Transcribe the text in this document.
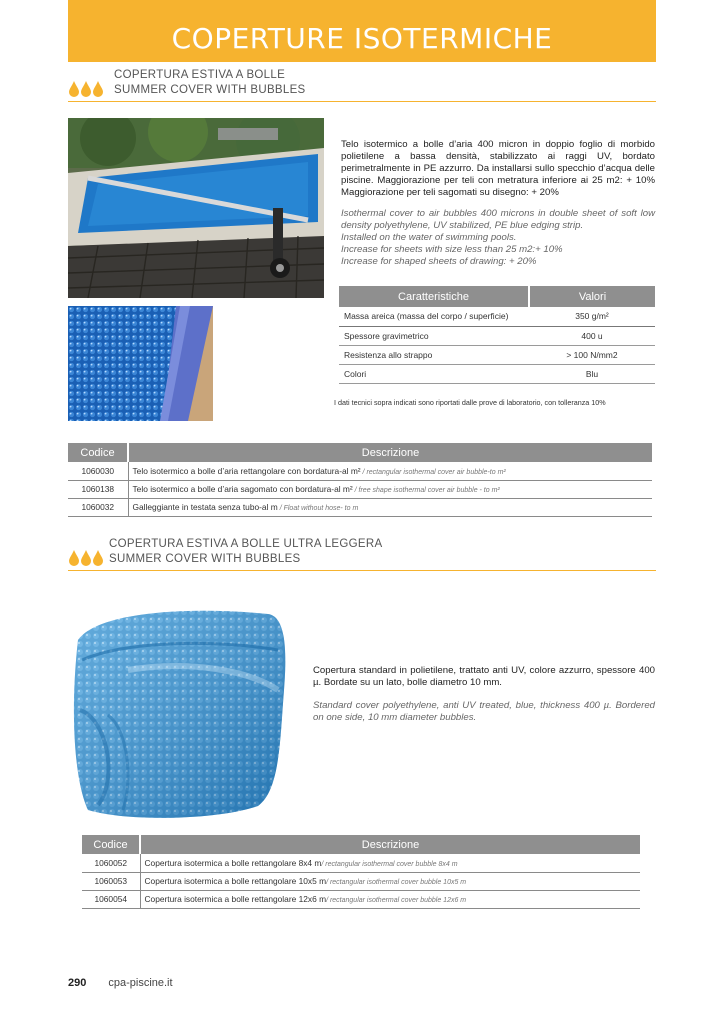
COPERTURE ISOTERMICHE
COPERTURA ESTIVA A BOLLE
SUMMER COVER WITH BUBBLES
Telo isotermico a bolle d’aria 400 micron in doppio foglio di morbido polietilene a bassa densità, stabilizzato ai raggi UV, bordato perimetralmente in PE azzurro. Da installarsi sullo specchio d’acqua delle piscine. Maggiorazione per teli con metratura inferiore ai 25 m2: + 10% Maggiorazione per teli sagomati su disegno: + 20%
Isothermal cover to air bubbles 400 microns in double sheet of soft low density polyethylene, UV stabilized, PE blue edging strip.
Installed on the water of swimming pools.
Increase for sheets with size less than 25 m2:+ 10%
Increase for shaped sheets of drawing: + 20%
Caratteristiche	Valori
Massa areica (massa del corpo / superficie)	350 g/m²
Spessore gravimetrico	400 u
Resistenza allo strappo	> 100 N/mm2
Colori	Blu
I dati tecnici sopra indicati sono riportati dalle prove di laboratorio, con tolleranza 10%
Codice	Descrizione
1060030	Telo isotermico a bolle d’aria rettangolare con bordatura-al m² / rectangular isothermal cover air bubble-to m²
1060138	Telo isotermico a bolle d’aria sagomato con bordatura-al m² / free shape isothermal cover air bubble - to m²
1060032	Galleggiante in testata senza tubo-al m / Float without hose- to m
COPERTURA ESTIVA A BOLLE ULTRA LEGGERA
SUMMER COVER WITH BUBBLES
Copertura standard in polietilene, trattato anti UV, colore azzurro, spessore 400 µ. Bordate su un lato, bolle diametro 10 mm.
Standard cover polyethylene, anti UV treated, blue, thickness 400 µ. Bordered on one side, 10 mm diameter bubbles.
Codice	Descrizione
1060052	Copertura isotermica a bolle rettangolare 8x4 m/ rectangular isothermal cover bubble 8x4 m
1060053	Copertura isotermica a bolle rettangolare 10x5 m/ rectangular isothermal cover bubble 10x5 m
1060054	Copertura isotermica a bolle rettangolare 12x6 m/ rectangular isothermal cover bubble 12x6 m
290 cpa-piscine.it
